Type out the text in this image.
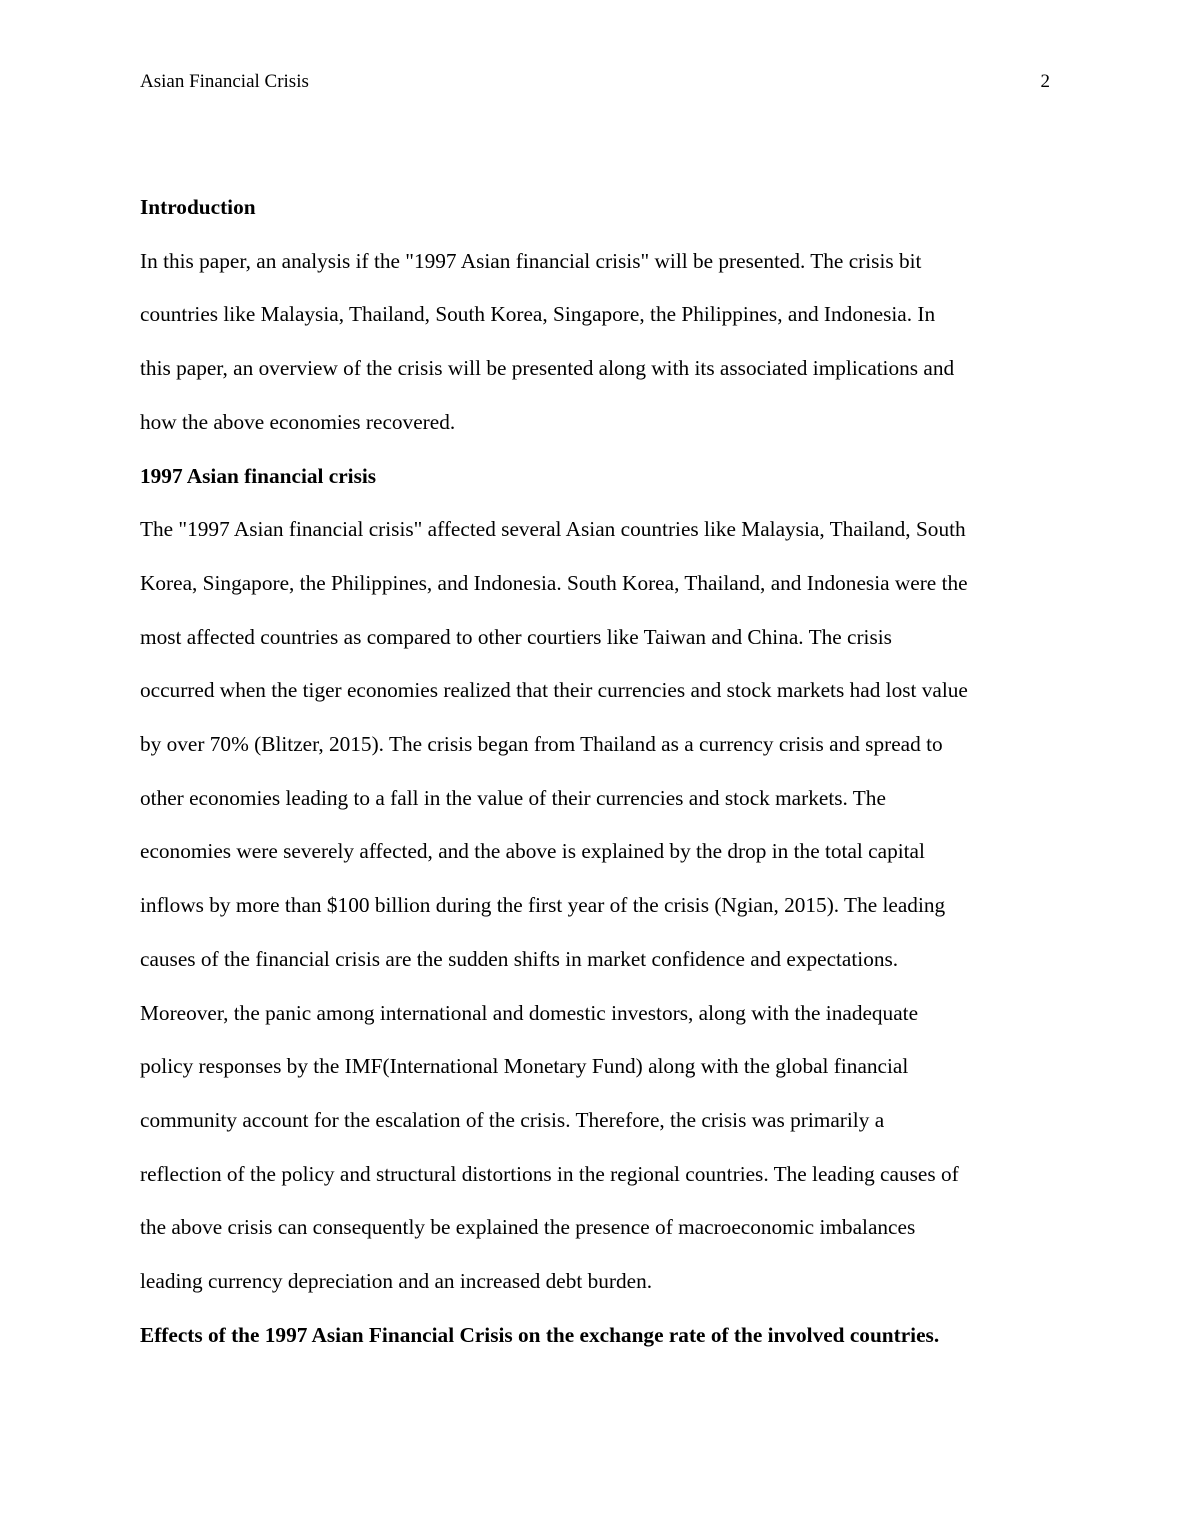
Asian Financial Crisis	2
Introduction

In this paper, an analysis if the "1997 Asian financial crisis" will be presented. The crisis bit
countries like Malaysia, Thailand, South Korea, Singapore, the Philippines, and Indonesia. In
this paper, an overview of the crisis will be presented along with its associated implications and
how the above economies recovered.

1997 Asian financial crisis

The "1997 Asian financial crisis" affected several Asian countries like Malaysia, Thailand, South
Korea, Singapore, the Philippines, and Indonesia. South Korea, Thailand, and Indonesia were the
most affected countries as compared to other courtiers like Taiwan and China. The crisis
occurred when the tiger economies realized that their currencies and stock markets had lost value
by over 70% (Blitzer, 2015). The crisis began from Thailand as a currency crisis and spread to
other economies leading to a fall in the value of their currencies and stock markets. The
economies were severely affected, and the above is explained by the drop in the total capital
inflows by more than $100 billion during the first year of the crisis (Ngian, 2015). The leading
causes of the financial crisis are the sudden shifts in market confidence and expectations.
Moreover, the panic among international and domestic investors, along with the inadequate
policy responses by the IMF(International Monetary Fund) along with the global financial
community account for the escalation of the crisis. Therefore, the crisis was primarily a
reflection of the policy and structural distortions in the regional countries. The leading causes of
the above crisis can consequently be explained the presence of macroeconomic imbalances
leading currency depreciation and an increased debt burden.

Effects of the 1997 Asian Financial Crisis on the exchange rate of the involved countries.
